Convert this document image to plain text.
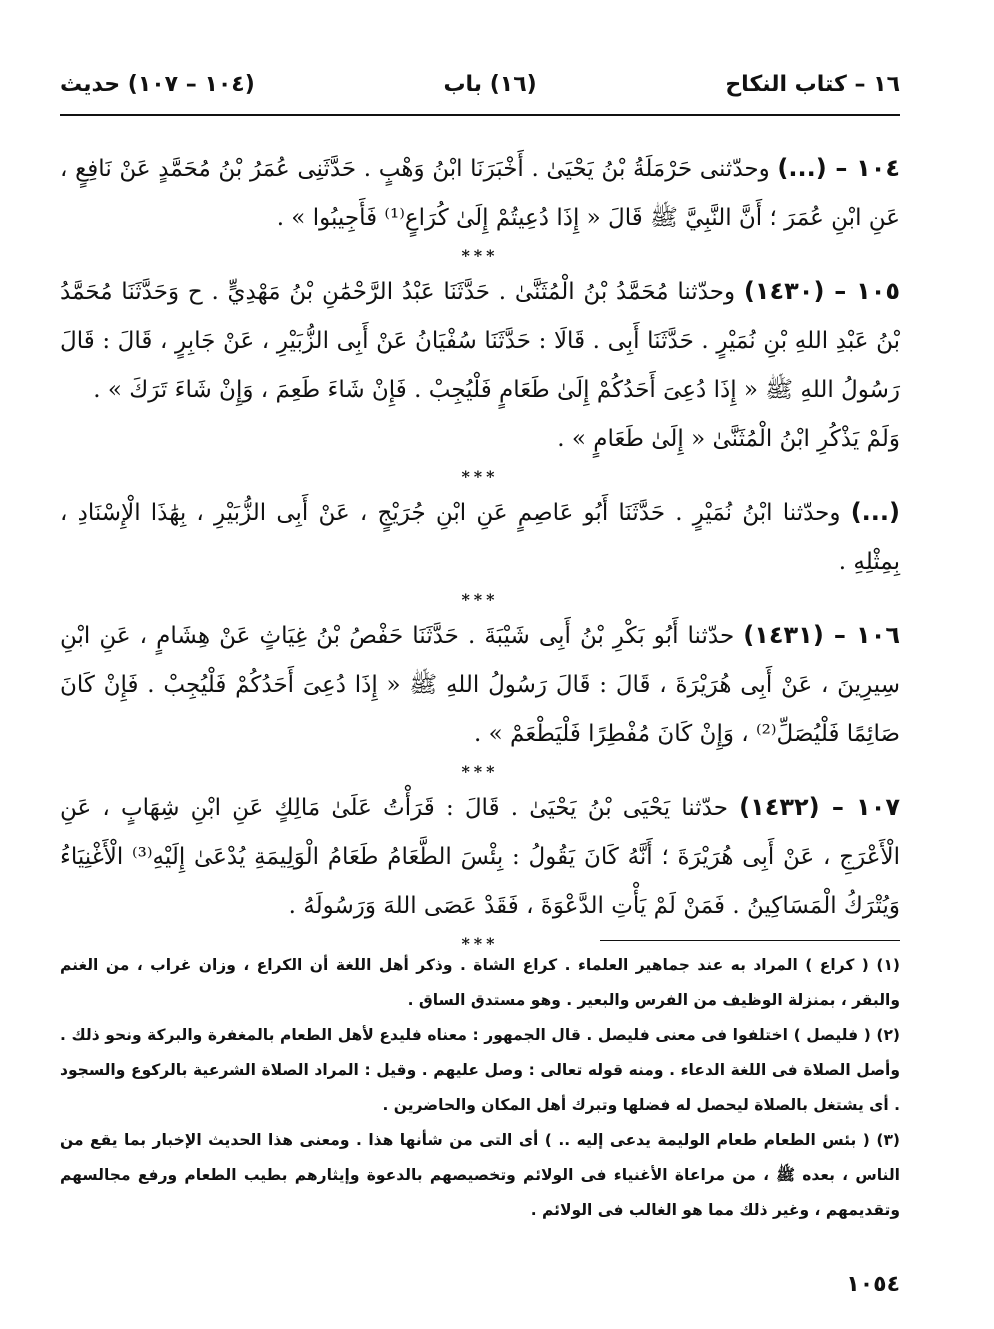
١٦ – كتاب النكاح
(١٦) باب
(١٠٤ – ١٠٧) حديث

١٠٤ – (...) وحدّثنى حَرْمَلَةُ بْنُ يَحْيَىٰ . أَخْبَرَنَا ابْنُ وَهْبٍ . حَدَّثَنِى عُمَرُ بْنُ مُحَمَّدٍ عَنْ نَافِعٍ ، عَنِ ابْنِ عُمَرَ ؛ أَنَّ النَّبِيَّ ﷺ قَالَ « إِذَا دُعِيتُمْ إِلَىٰ كُرَاعٍ⁽¹⁾ فَأَجِيبُوا » .

***

١٠٥ – (١٤٣٠) وحدّثنا مُحَمَّدُ بْنُ الْمُثَنَّىٰ . حَدَّثَنَا عَبْدُ الرَّحْمَٰنِ بْنُ مَهْدِيٍّ . ح وَحَدَّثَنَا مُحَمَّدُ بْنُ عَبْدِ اللهِ بْنِ نُمَيْرٍ . حَدَّثَنَا أَبِى . قَالَا : حَدَّثَنَا سُفْيَانُ عَنْ أَبِى الزُّبَيْرِ ، عَنْ جَابِرٍ ، قَالَ : قَالَ رَسُولُ اللهِ ﷺ « إِذَا دُعِىَ أَحَدُكُمْ إِلَىٰ طَعَامٍ فَلْيُجِبْ . فَإِنْ شَاءَ طَعِمَ ، وَإِنْ شَاءَ تَرَكَ » .

وَلَمْ يَذْكُرِ ابْنُ الْمُثَنَّىٰ « إِلَىٰ طَعَامٍ » .

***

(...) وحدّثنا ابْنُ نُمَيْرٍ . حَدَّثَنَا أَبُو عَاصِمٍ عَنِ ابْنِ جُرَيْجٍ ، عَنْ أَبِى الزُّبَيْرِ ، بِهَٰذَا الْإِسْنَادِ ، بِمِثْلِهِ .

***

١٠٦ – (١٤٣١) حدّثنا أَبُو بَكْرِ بْنُ أَبِى شَيْبَةَ . حَدَّثَنَا حَفْصُ بْنُ غِيَاثٍ عَنْ هِشَامٍ ، عَنِ ابْنِ سِيرِينَ ، عَنْ أَبِى هُرَيْرَةَ ، قَالَ : قَالَ رَسُولُ اللهِ ﷺ « إِذَا دُعِىَ أَحَدُكُمْ فَلْيُجِبْ . فَإِنْ كَانَ صَائِمًا فَلْيُصَلِّ⁽²⁾ ، وَإِنْ كَانَ مُفْطِرًا فَلْيَطْعَمْ » .

***

١٠٧ – (١٤٣٢) حدّثنا يَحْيَى بْنُ يَحْيَىٰ . قَالَ : قَرَأْتُ عَلَىٰ مَالِكٍ عَنِ ابْنِ شِهَابٍ ، عَنِ الْأَعْرَجِ ، عَنْ أَبِى هُرَيْرَةَ ؛ أَنَّهُ كَانَ يَقُولُ : بِئْسَ الطَّعَامُ طَعَامُ الْوَلِيمَةِ يُدْعَىٰ إِلَيْهِ⁽³⁾ الْأَغْنِيَاءُ وَيُتْرَكُ الْمَسَاكِينُ . فَمَنْ لَمْ يَأْتِ الدَّعْوَةَ ، فَقَدْ عَصَى اللهَ وَرَسُولَهُ .

***

(١) ( كراع ) المراد به عند جماهير العلماء . كراع الشاة . وذكر أهل اللغة أن الكراع ، وزان غراب ، من الغنم والبقر ، بمنزلة الوظيف من الفرس والبعير . وهو مستدق الساق .

(٢) ( فليصل ) اختلفوا فى معنى فليصل . قال الجمهور : معناه فليدع لأهل الطعام بالمغفرة والبركة ونحو ذلك . وأصل الصلاة فى اللغة الدعاء . ومنه قوله تعالى : وصل عليهم . وقيل : المراد الصلاة الشرعية بالركوع والسجود . أى يشتغل بالصلاة ليحصل له فضلها وتبرك أهل المكان والحاضرين .

(٣) ( بئس الطعام طعام الوليمة يدعى إليه .. ) أى التى من شأنها هذا . ومعنى هذا الحديث الإخبار بما يقع من الناس ، بعده ﷺ ، من مراعاة الأغنياء فى الولائم وتخصيصهم بالدعوة وإيثارهم بطيب الطعام ورفع مجالسهم وتقديمهم ، وغير ذلك مما هو الغالب فى الولائم .

١٠٥٤
